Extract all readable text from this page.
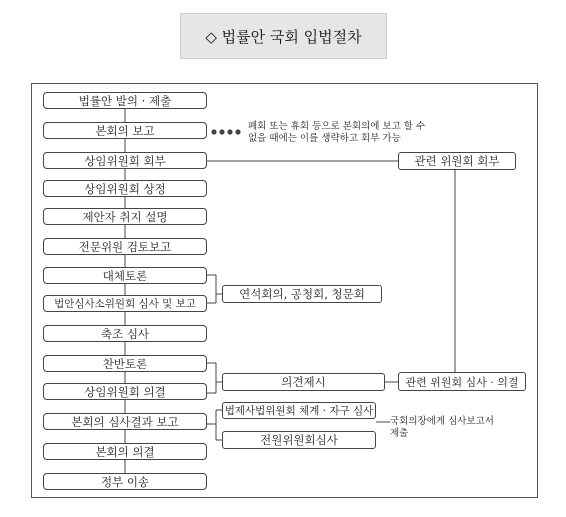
◇ 법률안 국회 입법절차
법률안 발의 · 제출
본회의 보고
상임위원회 회부
상임위원회 상정
제안자 취지 설명
전문위원 검토보고
대체토론
법안심사소위원회 심사 및 보고
축조 심사
찬반토론
상임위원회 의결
본회의 심사결과 보고
본회의 의결
정부 이송
폐회 또는 휴회 등으로 본회의에 보고 할 수
없을 때에는 이를 생략하고 회부 가능
관련 위원회 회부
연석회의, 공청회, 청문회
의견제시	관련 위원회 심사 · 의결
법제사법위원회 체계 · 자구 심사
전원위원회심사
국회의장에게 심사보고서
제출
